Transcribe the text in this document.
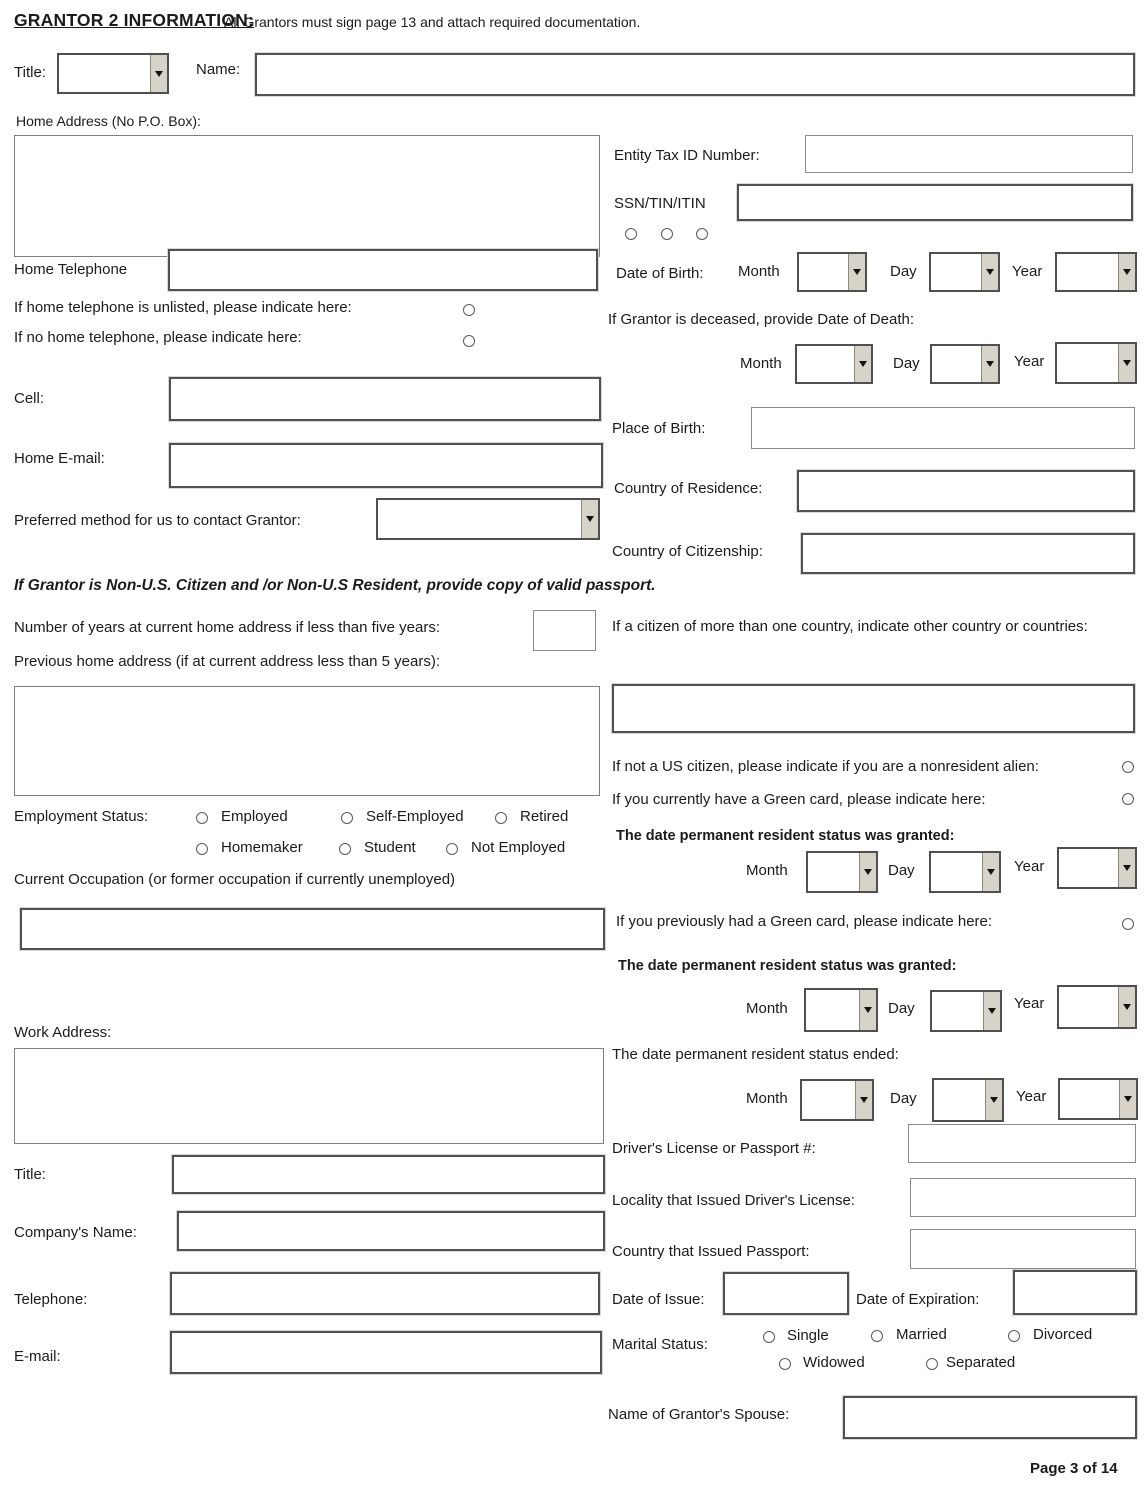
GRANTOR 2 INFORMATION:
All Grantors must sign page 13 and attach required documentation.
Title:	Name:
Home Address (No P.O. Box):
Entity Tax ID Number:
SSN/TIN/ITIN
Home Telephone	Date of Birth: Month	Day	Year
If home telephone is unlisted, please indicate here:
If no home telephone, please indicate here:
If Grantor is deceased, provide Date of Death:
Month	Day	Year
Cell:
Place of Birth:
Home E-mail:
Country of Residence:
Preferred method for us to contact Grantor:
Country of Citizenship:
If Grantor is Non-U.S. Citizen and /or Non-U.S Resident, provide copy of valid passport.
Number of years at current home address if less than five years:
Previous home address (if at current address less than 5 years):
If a citizen of more than one country, indicate other country or countries:
If not a US citizen, please indicate if you are a nonresident alien:
If you currently have a Green card, please indicate here:
The date permanent resident status was granted:
Month	Day	Year
Employment Status:	Employed	Self-Employed	Retired
Homemaker	Student	Not Employed
Current Occupation (or former occupation if currently unemployed)
If you previously had a Green card, please indicate here:
The date permanent resident status was granted:
Month	Day	Year
Work Address:
The date permanent resident status ended:
Month	Day	Year
Driver's License or Passport #:
Locality that Issued Driver's License:
Country that Issued Passport:
Title:
Company's Name:
Telephone:	Date of Issue:	Date of Expiration:
E-mail:
Marital Status:
Single	Married	Divorced
Widowed	Separated
Name of Grantor's Spouse:
Page 3 of 14
